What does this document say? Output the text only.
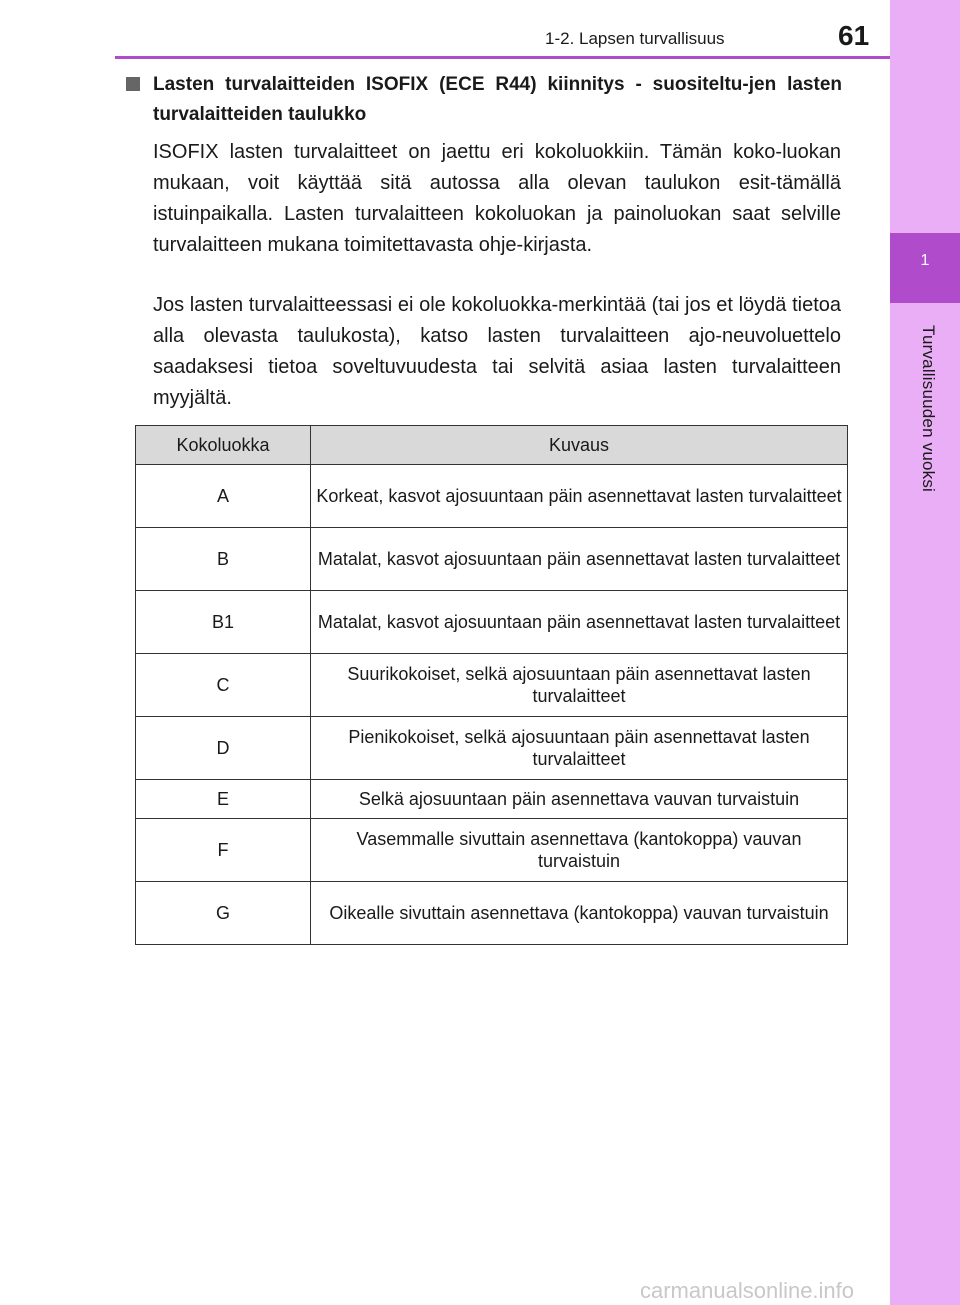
1
Turvallisuuden vuoksi
1-2. Lapsen turvallisuus	61
Lasten turvalaitteiden ISOFIX (ECE R44) kiinnitys - suositeltu-jen lasten turvalaitteiden taulukko

ISOFIX lasten turvalaitteet on jaettu eri kokoluokkiin. Tämän koko-luokan mukaan, voit käyttää sitä autossa alla olevan taulukon esit-tämällä istuinpaikalla. Lasten turvalaitteen kokoluokan ja painoluokan saat selville turvalaitteen mukana toimitettavasta ohje-kirjasta.

Jos lasten turvalaitteessasi ei ole kokoluokka-merkintää (tai jos et löydä tietoa alla olevasta taulukosta), katso lasten turvalaitteen ajo-neuvoluettelo saadaksesi tietoa soveltuvuudesta tai selvitä asiaa lasten turvalaitteen myyjältä.

Kokoluokka	Kuvaus
A	Korkeat, kasvot ajosuuntaan päin asennettavat lasten turvalaitteet
B	Matalat, kasvot ajosuuntaan päin asennettavat lasten turvalaitteet
B1	Matalat, kasvot ajosuuntaan päin asennettavat lasten turvalaitteet
C	Suurikokoiset, selkä ajosuuntaan päin asennettavat lasten turvalaitteet
D	Pienikokoiset, selkä ajosuuntaan päin asennettavat lasten turvalaitteet
E	Selkä ajosuuntaan päin asennettava vauvan turvaistuin
F	Vasemmalle sivuttain asennettava (kantokoppa) vauvan turvaistuin
G	Oikealle sivuttain asennettava (kantokoppa) vauvan turvaistuin
carmanualsonline.info
